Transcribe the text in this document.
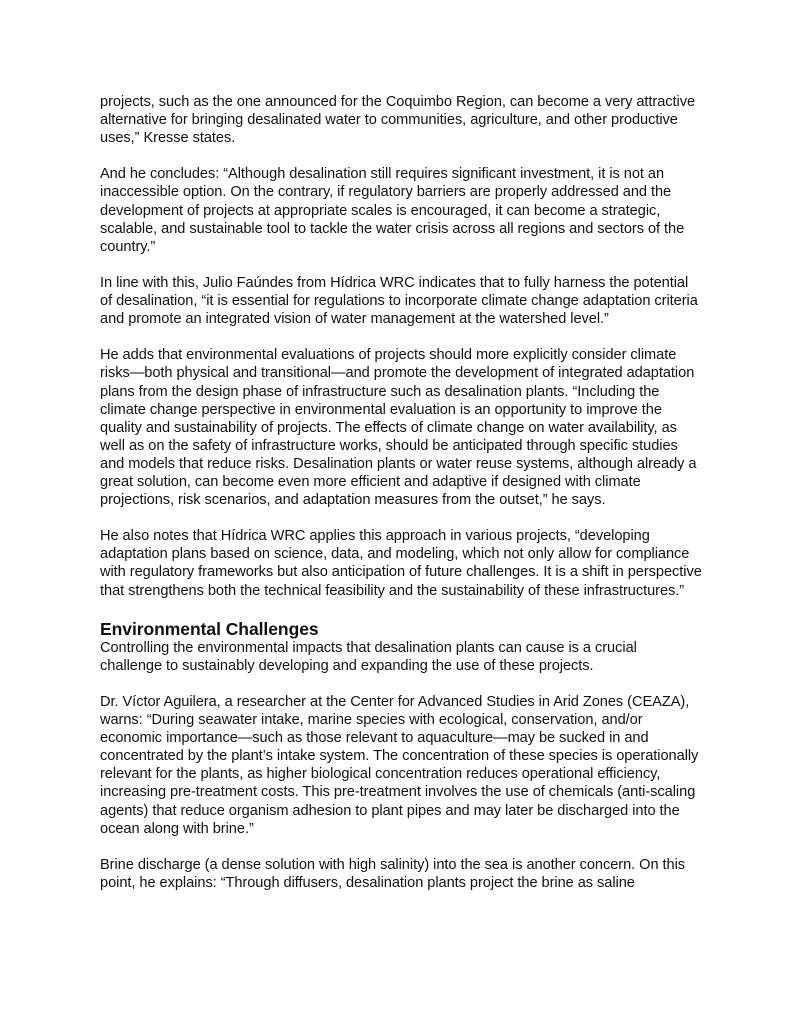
projects, such as the one announced for the Coquimbo Region, can become a very attractive alternative for bringing desalinated water to communities, agriculture, and other productive uses,” Kresse states.

And he concludes: “Although desalination still requires significant investment, it is not an inaccessible option. On the contrary, if regulatory barriers are properly addressed and the development of projects at appropriate scales is encouraged, it can become a strategic, scalable, and sustainable tool to tackle the water crisis across all regions and sectors of the country.”

In line with this, Julio Faúndes from Hídrica WRC indicates that to fully harness the potential of desalination, “it is essential for regulations to incorporate climate change adaptation criteria and promote an integrated vision of water management at the watershed level.”

He adds that environmental evaluations of projects should more explicitly consider climate risks—both physical and transitional—and promote the development of integrated adaptation plans from the design phase of infrastructure such as desalination plants. “Including the climate change perspective in environmental evaluation is an opportunity to improve the quality and sustainability of projects. The effects of climate change on water availability, as well as on the safety of infrastructure works, should be anticipated through specific studies and models that reduce risks. Desalination plants or water reuse systems, although already a great solution, can become even more efficient and adaptive if designed with climate projections, risk scenarios, and adaptation measures from the outset,” he says.

He also notes that Hídrica WRC applies this approach in various projects, “developing adaptation plans based on science, data, and modeling, which not only allow for compliance with regulatory frameworks but also anticipation of future challenges. It is a shift in perspective that strengthens both the technical feasibility and the sustainability of these infrastructures.”

Environmental Challenges

Controlling the environmental impacts that desalination plants can cause is a crucial challenge to sustainably developing and expanding the use of these projects.

Dr. Víctor Aguilera, a researcher at the Center for Advanced Studies in Arid Zones (CEAZA), warns: “During seawater intake, marine species with ecological, conservation, and/or economic importance—such as those relevant to aquaculture—may be sucked in and concentrated by the plant’s intake system. The concentration of these species is operationally relevant for the plants, as higher biological concentration reduces operational efficiency, increasing pre-treatment costs. This pre-treatment involves the use of chemicals (anti-scaling agents) that reduce organism adhesion to plant pipes and may later be discharged into the ocean along with brine.”

Brine discharge (a dense solution with high salinity) into the sea is another concern. On this point, he explains: “Through diffusers, desalination plants project the brine as saline
